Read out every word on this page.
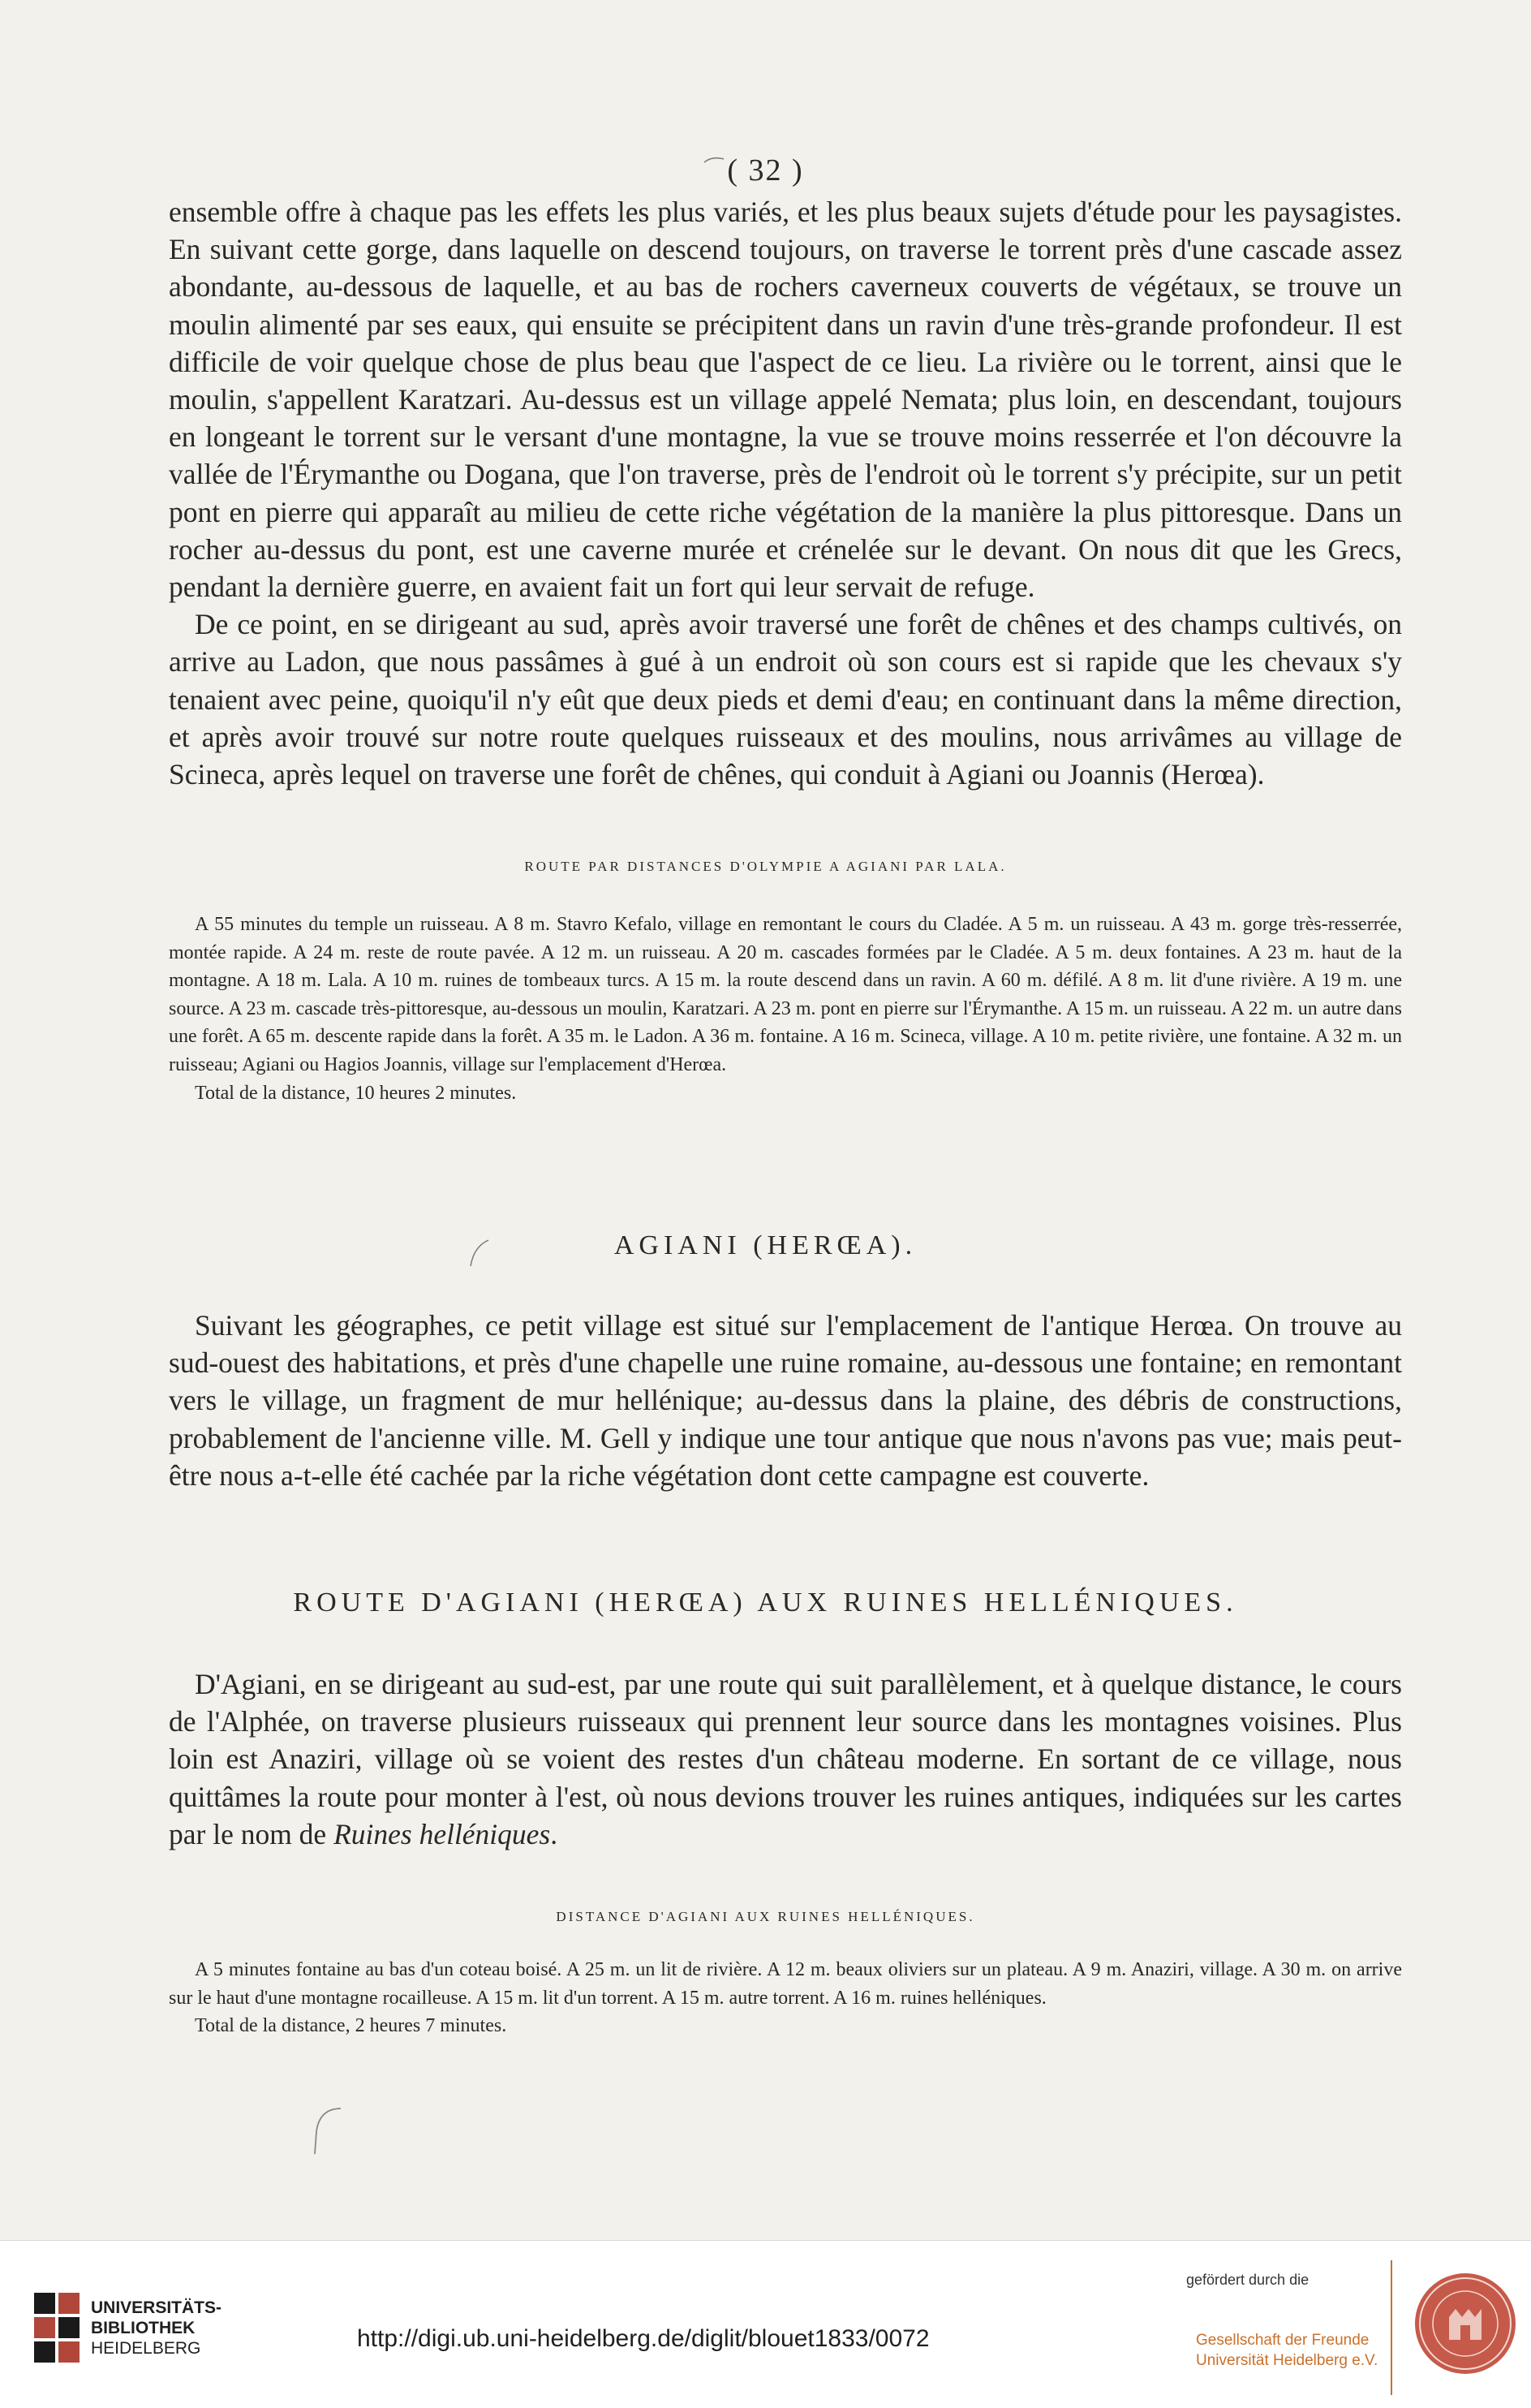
( 32 )

ensemble offre à chaque pas les effets les plus variés, et les plus beaux sujets d'étude pour les paysagistes. En suivant cette gorge, dans laquelle on descend toujours, on traverse le torrent près d'une cascade assez abondante, au-dessous de laquelle, et au bas de rochers caverneux couverts de végétaux, se trouve un moulin alimenté par ses eaux, qui ensuite se précipitent dans un ravin d'une très-grande profondeur. Il est difficile de voir quelque chose de plus beau que l'aspect de ce lieu. La rivière ou le torrent, ainsi que le moulin, s'appellent Karatzari. Au-dessus est un village appelé Nemata; plus loin, en descendant, toujours en longeant le torrent sur le versant d'une montagne, la vue se trouve moins resserrée et l'on découvre la vallée de l'Érymanthe ou Dogana, que l'on traverse, près de l'endroit où le torrent s'y précipite, sur un petit pont en pierre qui apparaît au milieu de cette riche végétation de la manière la plus pittoresque. Dans un rocher au-dessus du pont, est une caverne murée et crénelée sur le devant. On nous dit que les Grecs, pendant la dernière guerre, en avaient fait un fort qui leur servait de refuge.

De ce point, en se dirigeant au sud, après avoir traversé une forêt de chênes et des champs cultivés, on arrive au Ladon, que nous passâmes à gué à un endroit où son cours est si rapide que les chevaux s'y tenaient avec peine, quoiqu'il n'y eût que deux pieds et demi d'eau; en continuant dans la même direction, et après avoir trouvé sur notre route quelques ruisseaux et des moulins, nous arrivâmes au village de Scineca, après lequel on traverse une forêt de chênes, qui conduit à Agiani ou Joannis (Herœa).

ROUTE PAR DISTANCES D'OLYMPIE A AGIANI PAR LALA.

A 55 minutes du temple un ruisseau. A 8 m. Stavro Kefalo, village en remontant le cours du Cladée. A 5 m. un ruisseau. A 43 m. gorge très-resserrée, montée rapide. A 24 m. reste de route pavée. A 12 m. un ruisseau. A 20 m. cascades formées par le Cladée. A 5 m. deux fontaines. A 23 m. haut de la montagne. A 18 m. Lala. A 10 m. ruines de tombeaux turcs. A 15 m. la route descend dans un ravin. A 60 m. défilé. A 8 m. lit d'une rivière. A 19 m. une source. A 23 m. cascade très-pittoresque, au-dessous un moulin, Karatzari. A 23 m. pont en pierre sur l'Érymanthe. A 15 m. un ruisseau. A 22 m. un autre dans une forêt. A 65 m. descente rapide dans la forêt. A 35 m. le Ladon. A 36 m. fontaine. A 16 m. Scineca, village. A 10 m. petite rivière, une fontaine. A 32 m. un ruisseau; Agiani ou Hagios Joannis, village sur l'emplacement d'Herœa.

Total de la distance, 10 heures 2 minutes.

AGIANI (HERŒA).

Suivant les géographes, ce petit village est situé sur l'emplacement de l'antique Herœa. On trouve au sud-ouest des habitations, et près d'une chapelle une ruine romaine, au-dessous une fontaine; en remontant vers le village, un fragment de mur hellénique; au-dessus dans la plaine, des débris de constructions, probablement de l'ancienne ville. M. Gell y indique une tour antique que nous n'avons pas vue; mais peut-être nous a-t-elle été cachée par la riche végétation dont cette campagne est couverte.

ROUTE D'AGIANI (HERŒA) AUX RUINES HELLÉNIQUES.

D'Agiani, en se dirigeant au sud-est, par une route qui suit parallèlement, et à quelque distance, le cours de l'Alphée, on traverse plusieurs ruisseaux qui prennent leur source dans les montagnes voisines. Plus loin est Anaziri, village où se voient des restes d'un château moderne. En sortant de ce village, nous quittâmes la route pour monter à l'est, où nous devions trouver les ruines antiques, indiquées sur les cartes par le nom de Ruines helléniques.

DISTANCE D'AGIANI AUX RUINES HELLÉNIQUES.

A 5 minutes fontaine au bas d'un coteau boisé. A 25 m. un lit de rivière. A 12 m. beaux oliviers sur un plateau. A 9 m. Anaziri, village. A 30 m. on arrive sur le haut d'une montagne rocailleuse. A 15 m. lit d'un torrent. A 15 m. autre torrent. A 16 m. ruines helléniques.

Total de la distance, 2 heures 7 minutes.

UNIVERSITÄTS-
BIBLIOTHEK
HEIDELBERG	http://digi.ub.uni-heidelberg.de/diglit/blouet1833/0072
gefördert durch die
Gesellschaft der Freunde
Universität Heidelberg e.V.
